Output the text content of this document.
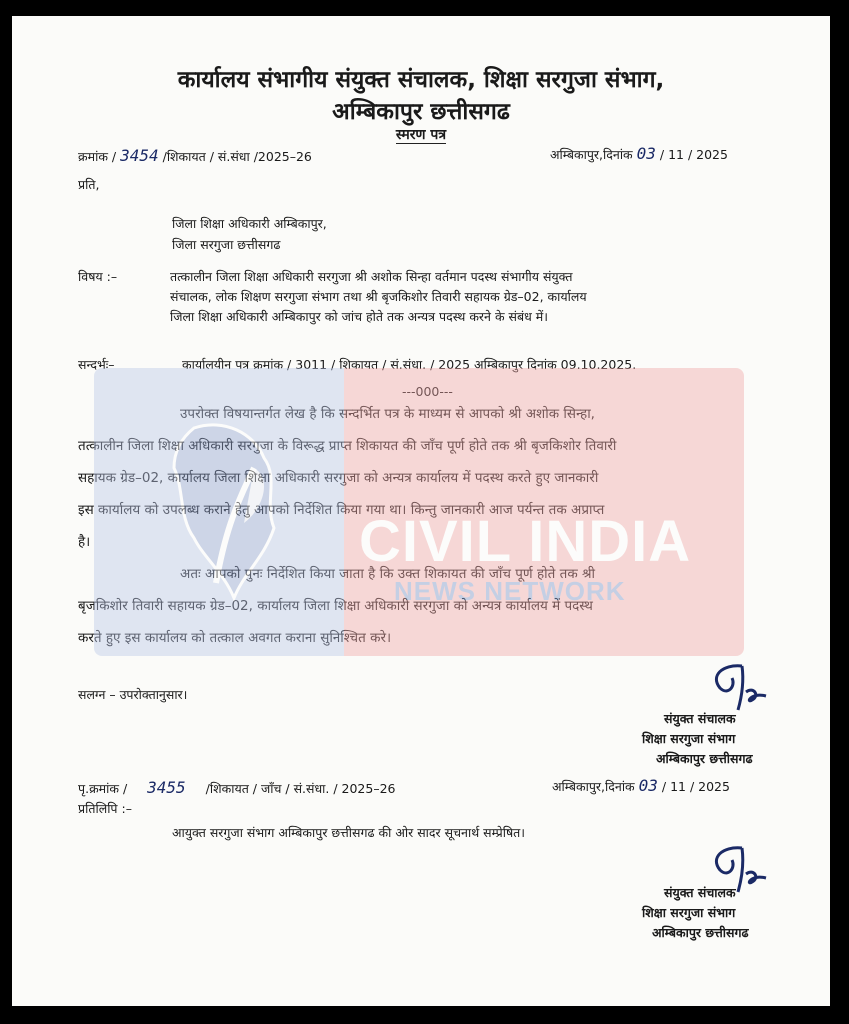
कार्यालय संभागीय संयुक्त संचालक, शिक्षा सरगुजा संभाग,
अम्बिकापुर छत्तीसगढ
स्मरण पत्र
क्रमांक / 3454 /शिकायत / सं.संधा /2025–26	अम्बिकापुर,दिनांक 03 / 11 / 2025
प्रति,
जिला शिक्षा अधिकारी अम्बिकापुर,
जिला सरगुजा छत्तीसगढ
विषय :–	तत्कालीन जिला शिक्षा अधिकारी सरगुजा श्री अशोक सिन्हा वर्तमान पदस्थ संभागीय संयुक्त
संचालक, लोक शिक्षण सरगुजा संभाग तथा श्री बृजकिशोर तिवारी सहायक ग्रेड–02, कार्यालय
जिला शिक्षा अधिकारी अम्बिकापुर को जांच होते तक अन्यत्र पदस्थ करने के संबंध में।
सन्दर्भः–	कार्यालयीन पत्र क्रमांक / 3011 / शिकायत / सं.संधा. / 2025 अम्बिकापुर दिनांक 09.10.2025.
---000---
उपरोक्त विषयान्तर्गत लेख है कि सन्दर्भित पत्र के माध्यम से आपको श्री अशोक सिन्हा,
तत्कालीन जिला शिक्षा अधिकारी सरगुजा के विरूद्ध प्राप्त शिकायत की जाँच पूर्ण होते तक श्री बृजकिशोर तिवारी
सहायक ग्रेड–02, कार्यालय जिला शिक्षा अधिकारी सरगुजा को अन्यत्र कार्यालय में पदस्थ करते हुए जानकारी
इस कार्यालय को उपलब्ध कराने हेतु आपको निर्देशित किया गया था। किन्तु जानकारी आज पर्यन्त तक अप्राप्त
है।
अतः आपको पुनः निर्देशित किया जाता है कि उक्त शिकायत की जाँच पूर्ण होते तक श्री
बृजकिशोर तिवारी सहायक ग्रेड–02, कार्यालय जिला शिक्षा अधिकारी सरगुजा को अन्यत्र कार्यालय में पदस्थ
करते हुए इस कार्यालय को तत्काल अवगत कराना सुनिश्चित करे।
CIVIL INDIA
NEWS NETWORK
सलग्न – उपरोक्तानुसार।
संयुक्त संचालक
शिक्षा सरगुजा संभाग
अम्बिकापुर छत्तीसगढ
पृ.क्रमांक / 3455 /शिकायत / जाँच / सं.संधा. / 2025–26	अम्बिकापुर,दिनांक 03 / 11 / 2025
प्रतिलिपि :–
आयुक्त सरगुजा संभाग अम्बिकापुर छत्तीसगढ की ओर सादर सूचनार्थ सम्प्रेषित।
संयुक्त संचालक
शिक्षा सरगुजा संभाग
अम्बिकापुर छत्तीसगढ
